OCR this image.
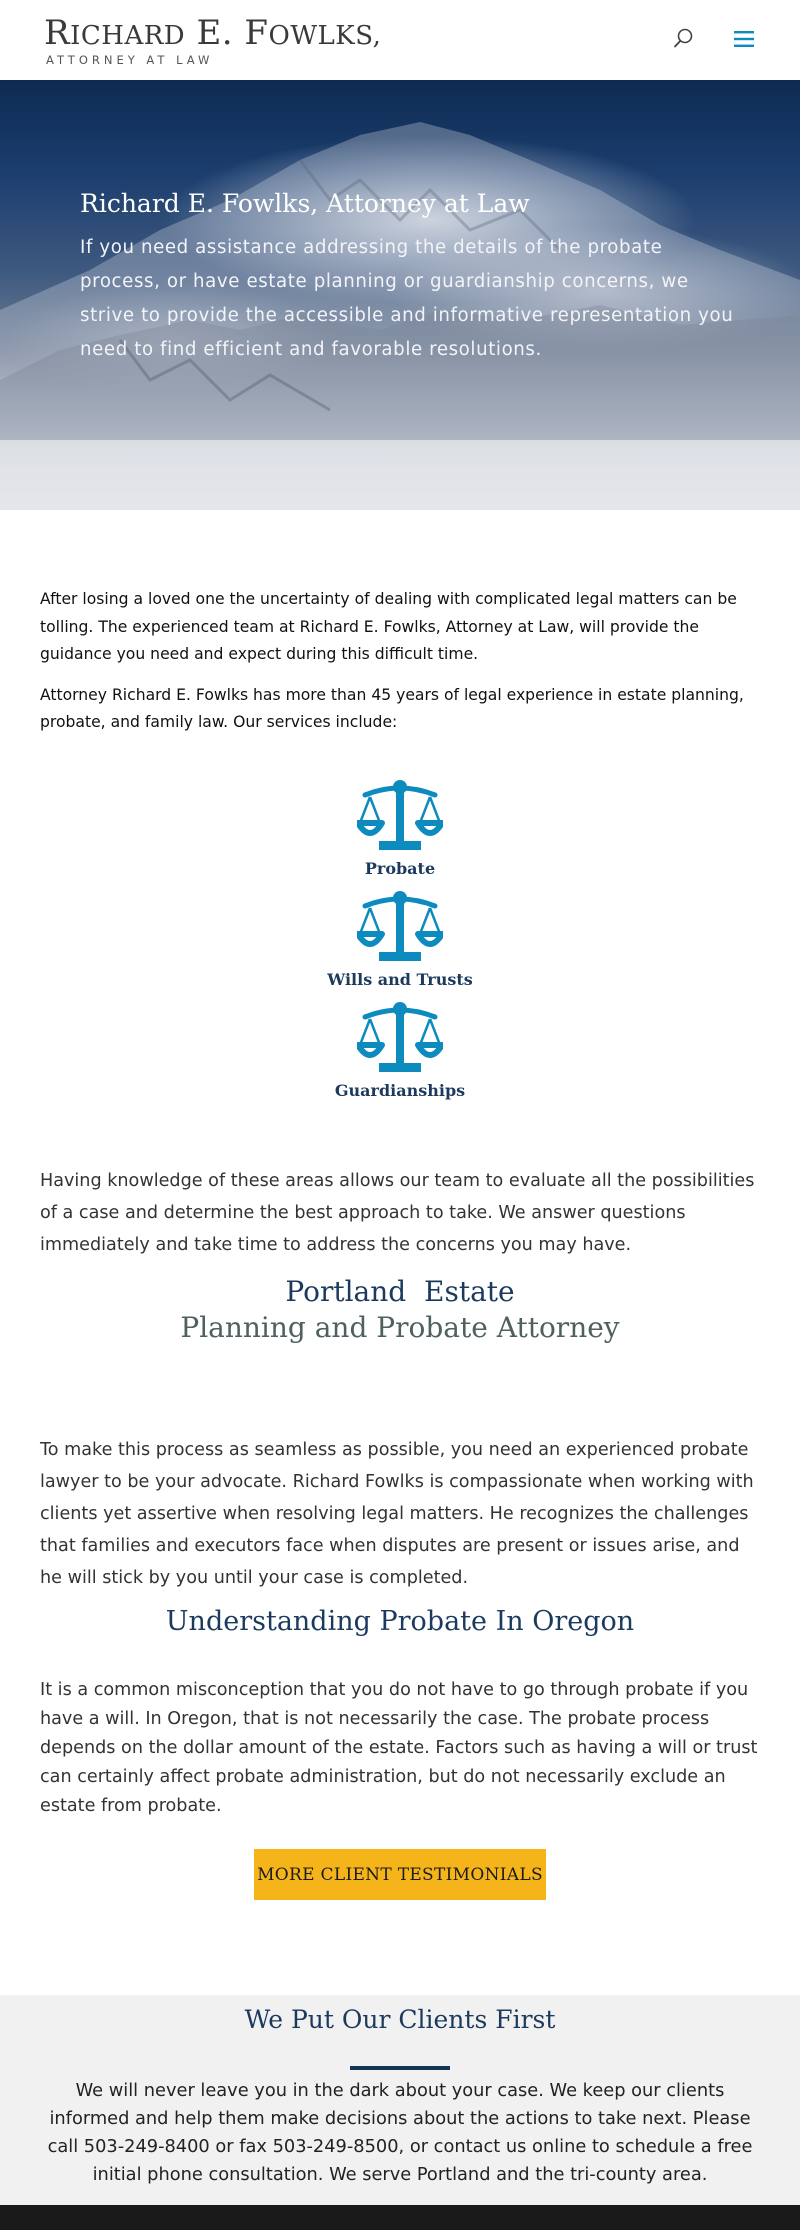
RICHARD E. FOWLKS,
ATTORNEY AT LAW
Richard E. Fowlks, Attorney at Law
If you need assistance addressing the details of the probate process, or have estate planning or guardianship concerns, we strive to provide the accessible and informative representation you need to find efficient and favorable resolutions.

After losing a loved one the uncertainty of dealing with complicated legal matters can be tolling. The experienced team at Richard E. Fowlks, Attorney at Law, will provide the guidance you need and expect during this difficult time.

Attorney Richard E. Fowlks has more than 45 years of legal experience in estate planning, probate, and family law. Our services include:

Probate
Wills and Trusts
Guardianships
Having knowledge of these areas allows our team to evaluate all the possibilities of a case and determine the best approach to take. We answer questions immediately and take time to address the concerns you may have.
Portland  Estate
Planning and Probate Attorney
To make this process as seamless as possible, you need an experienced probate lawyer to be your advocate. Richard Fowlks is compassionate when working with clients yet assertive when resolving legal matters. He recognizes the challenges that families and executors face when disputes are present or issues arise, and he will stick by you until your case is completed.
Understanding Probate In Oregon
It is a common misconception that you do not have to go through probate if you have a will. In Oregon, that is not necessarily the case. The probate process depends on the dollar amount of the estate. Factors such as having a will or trust can certainly affect probate administration, but do not necessarily exclude an estate from probate.
MORE CLIENT TESTIMONIALS
We Put Our Clients First
We will never leave you in the dark about your case. We keep our clients informed and help them make decisions about the actions to take next. Please call 503-249-8400 or fax 503-249-8500, or contact us online to schedule a free initial phone consultation. We serve Portland and the tri-county area.
